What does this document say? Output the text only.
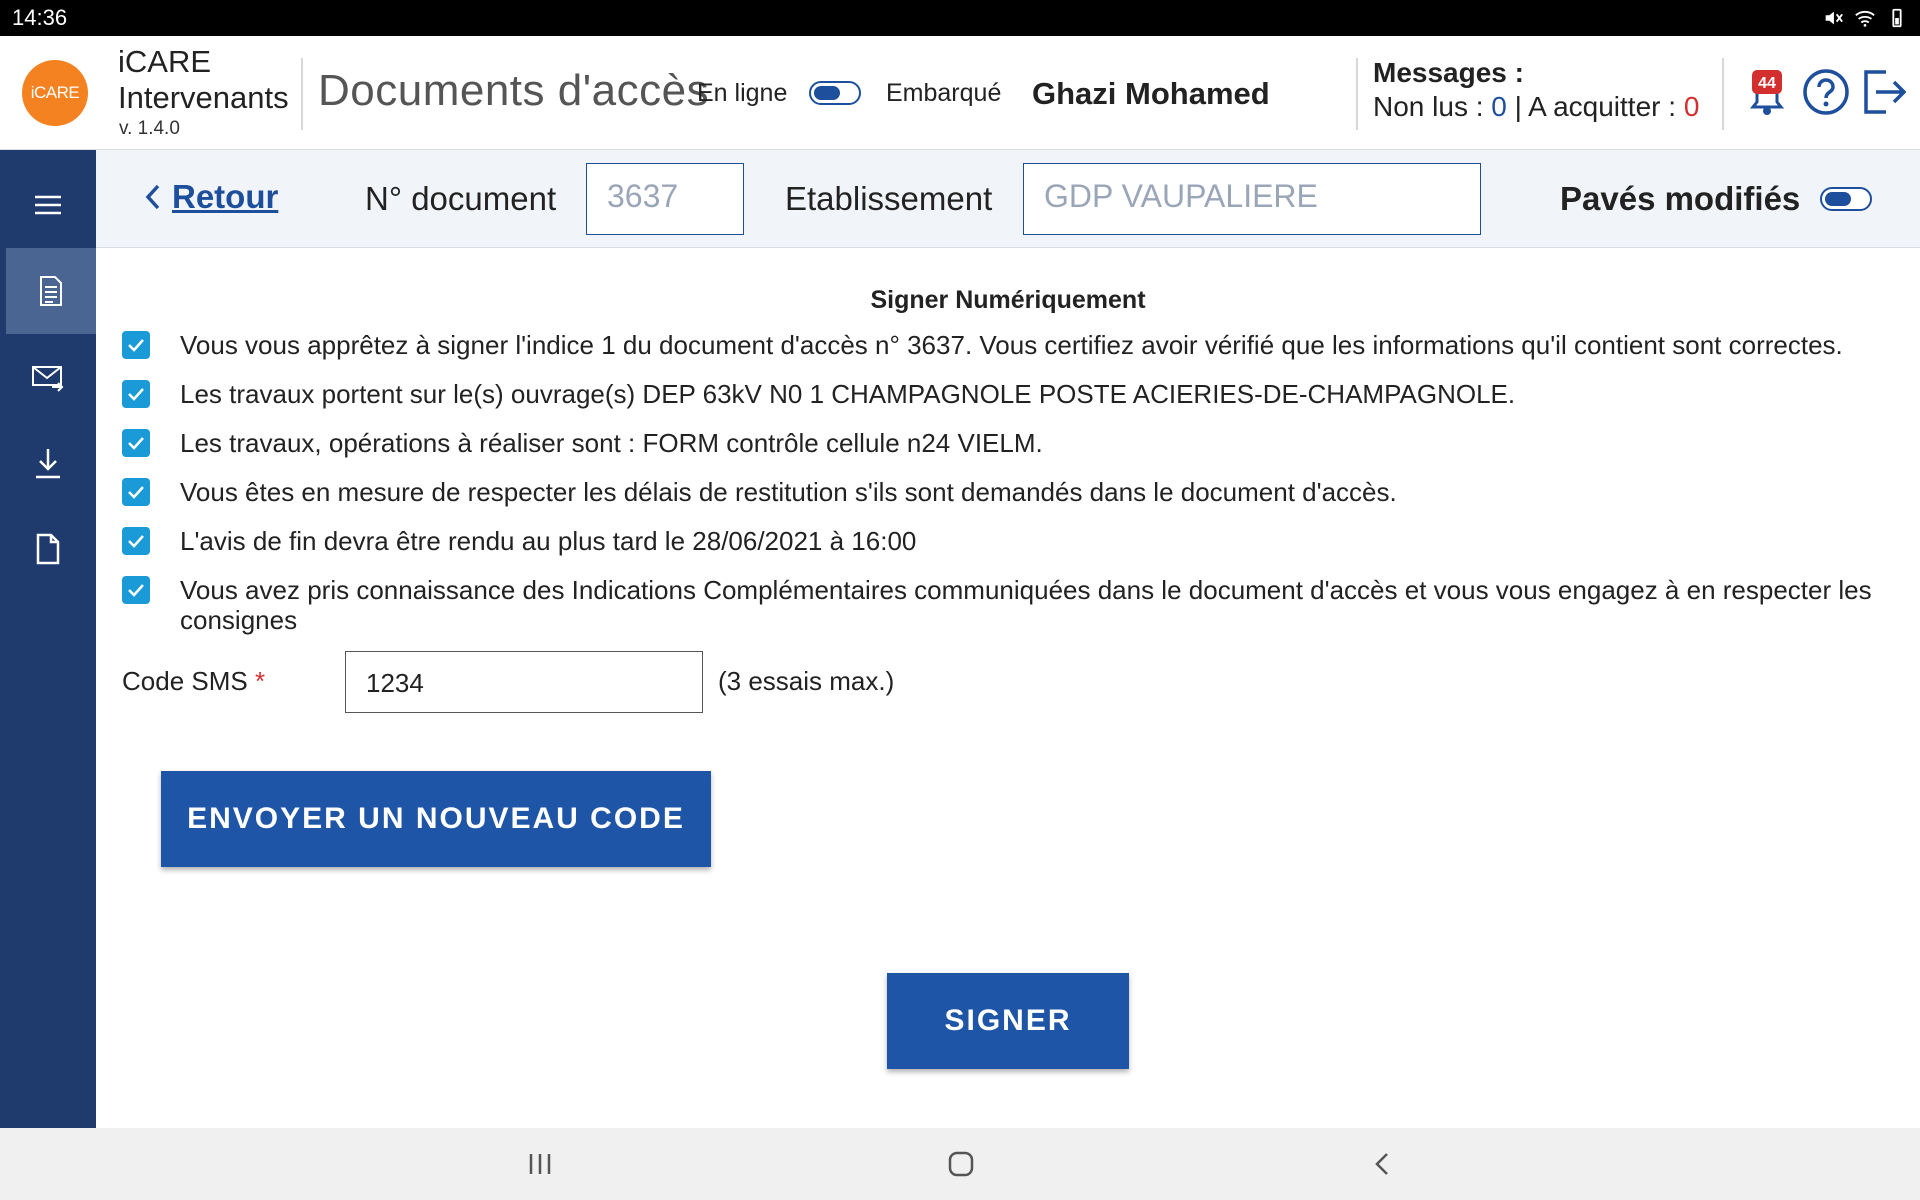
14:36
iCARE
iCARE
Intervenants
v. 1.4.0
Documents d'accès
En ligne	Embarqué Ghazi Mohamed
Messages :
Non lus : 0 | A acquitter : 0
44
Retour	N° document	3637	Etablissement	GDP VAUPALIERE	Pavés modifiés
Signer Numériquement
Vous vous apprêtez à signer l'indice 1 du document d'accès n° 3637. Vous certifiez avoir vérifié que les informations qu'il contient sont correctes.
Les travaux portent sur le(s) ouvrage(s) DEP 63kV N0 1 CHAMPAGNOLE POSTE ACIERIES-DE-CHAMPAGNOLE.
Les travaux, opérations à réaliser sont : FORM contrôle cellule n24 VIELM.
Vous êtes en mesure de respecter les délais de restitution s'ils sont demandés dans le document d'accès.
L'avis de fin devra être rendu au plus tard le 28/06/2021 à 16:00
Vous avez pris connaissance des Indications Complémentaires communiquées dans le document d'accès et vous vous engagez à en respecter les consignes
Code SMS *	1234	(3 essais max.)
ENVOYER UN NOUVEAU CODE
SIGNER
